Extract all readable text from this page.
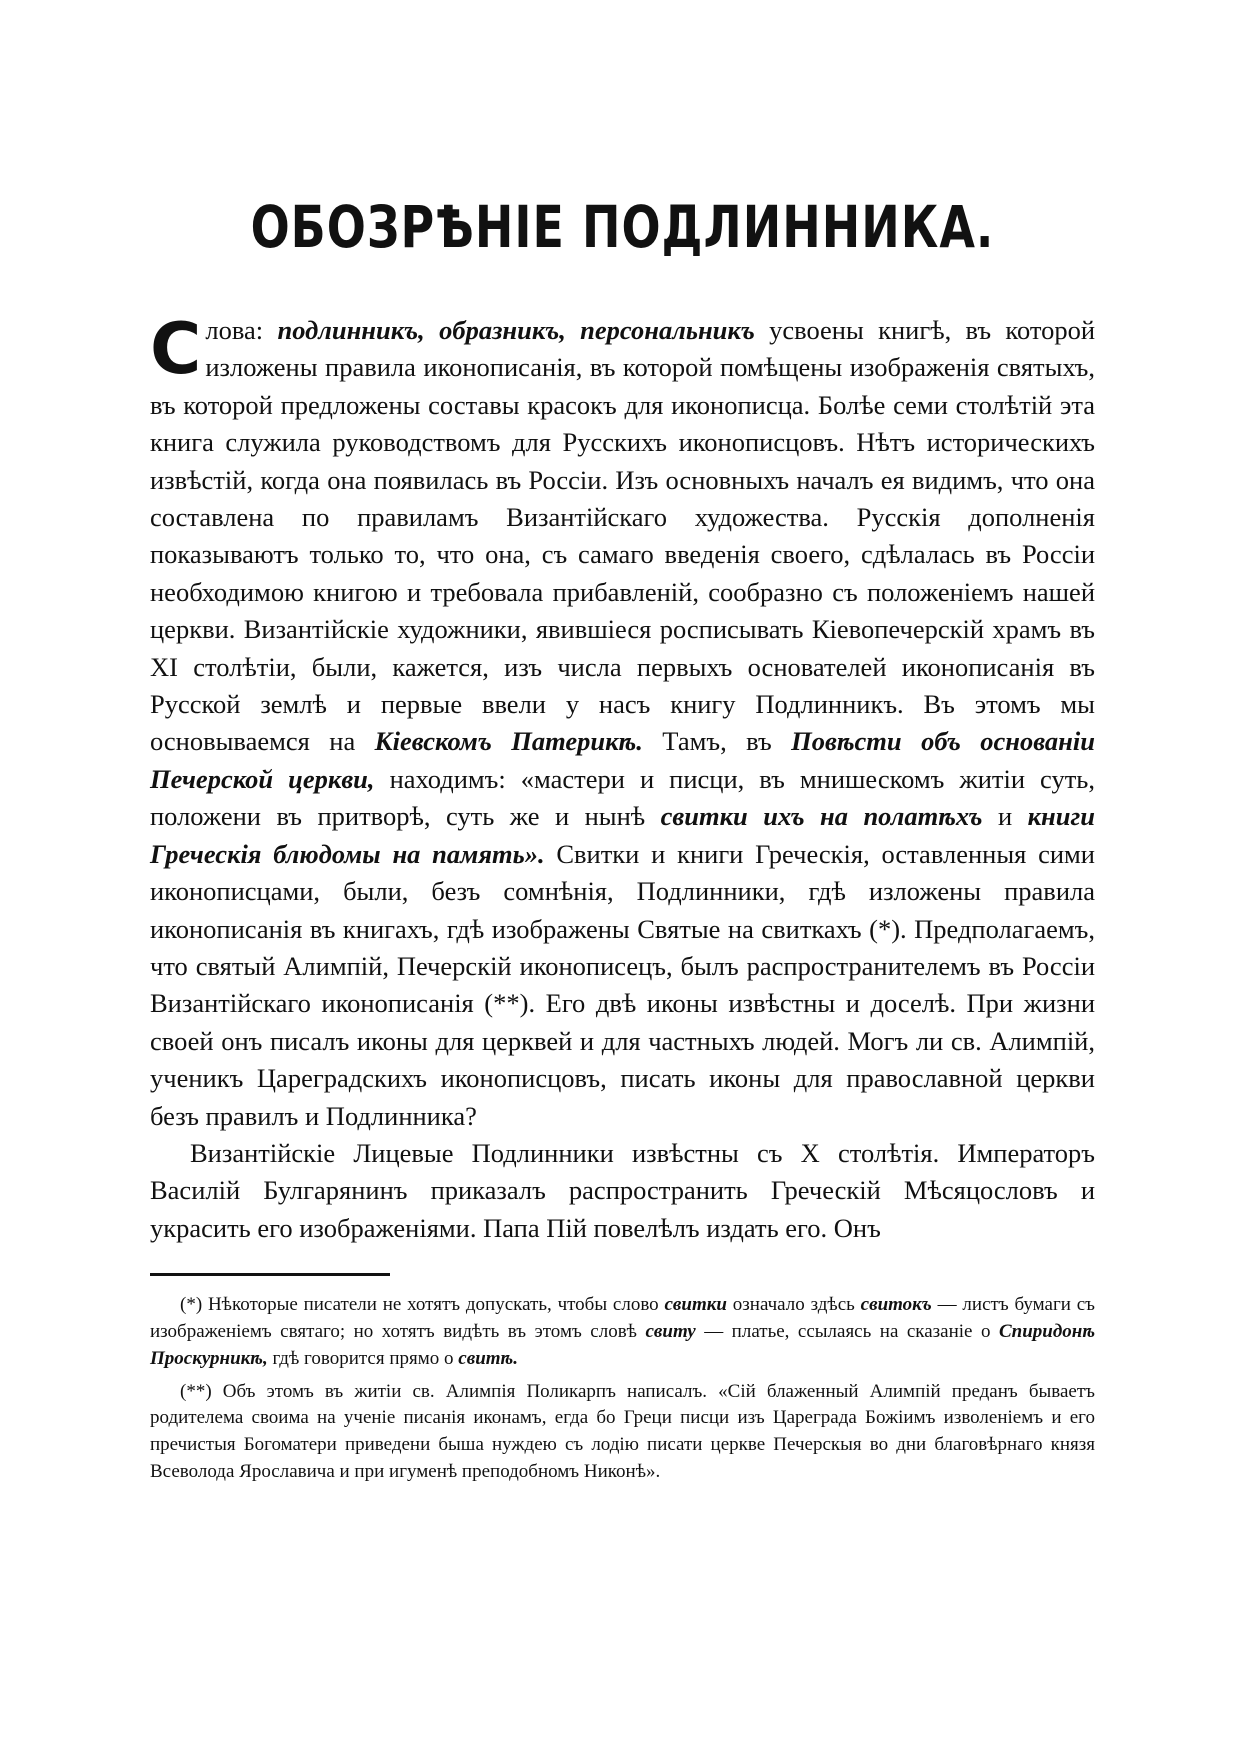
ОБОЗРѢНІЕ ПОДЛИННИКА.

Слова: подлинникъ, образникъ, персональникъ усвоены книгѣ, въ которой изложены правила иконописанія, въ которой помѣщены изображенія святыхъ, въ которой предложены составы красокъ для иконописца. Болѣе семи столѣтій эта книга служила руководствомъ для Русскихъ иконописцовъ. Нѣтъ историческихъ извѣстій, когда она появилась въ Россіи. Изъ основныхъ началъ ея видимъ, что она составлена по правиламъ Византійскаго художества. Русскія дополненія показываютъ только то, что она, съ самаго введенія своего, сдѣлалась въ Россіи необходимою книгою и требовала прибавленій, сообразно съ положеніемъ нашей церкви. Византійскіе художники, явившіеся росписывать Кіевопечерскій храмъ въ XI столѣтіи, были, кажется, изъ числа первыхъ основателей иконописанія въ Русской землѣ и первые ввели у насъ книгу Подлинникъ. Въ этомъ мы основываемся на Кіевскомъ Патерикѣ. Тамъ, въ Повѣсти объ основаніи Печерской церкви, находимъ: «мастери и писци, въ мнишескомъ житіи суть, положени въ притворѣ, суть же и нынѣ свитки ихъ на полатѣхъ и книги Греческія блюдомы на память». Свитки и книги Греческія, оставленныя сими иконописцами, были, безъ сомнѣнія, Подлинники, гдѣ изложены правила иконописанія въ книгахъ, гдѣ изображены Святые на свиткахъ (*). Предполагаемъ, что святый Алимпій, Печерскій иконописецъ, былъ распространителемъ въ Россіи Византійскаго иконописанія (**). Его двѣ иконы извѣстны и доселѣ. При жизни своей онъ писалъ иконы для церквей и для частныхъ людей. Могъ ли св. Алимпій, ученикъ Цареградскихъ иконописцовъ, писать иконы для православной церкви безъ правилъ и Подлинника?

Византійскіе Лицевые Подлинники извѣстны съ X столѣтія. Императоръ Василій Булгарянинъ приказалъ распространить Греческій Мѣсяцословъ и украсить его изображеніями. Папа Пій повелѣлъ издать его. Онъ

(*) Нѣкоторые писатели не хотятъ допускать, чтобы слово свитки означало здѣсь свитокъ — листъ бумаги съ изображеніемъ святаго; но хотятъ видѣть въ этомъ словѣ свиту — платье, ссылаясь на сказаніе о Спиридонѣ Проскурникѣ, гдѣ говорится прямо о свитѣ.

(**) Объ этомъ въ житіи св. Алимпія Поликарпъ написалъ. «Сій блаженный Алимпій преданъ бываетъ родителема своима на ученіе писанія иконамъ, егда бо Греци писци изъ Цареграда Божіимъ изволеніемъ и его пречистыя Богоматери приведени быша нуждею съ лодію писати церкве Печерскыя во дни благовѣрнаго князя Всеволода Ярославича и при игуменѣ преподобномъ Никонѣ».
